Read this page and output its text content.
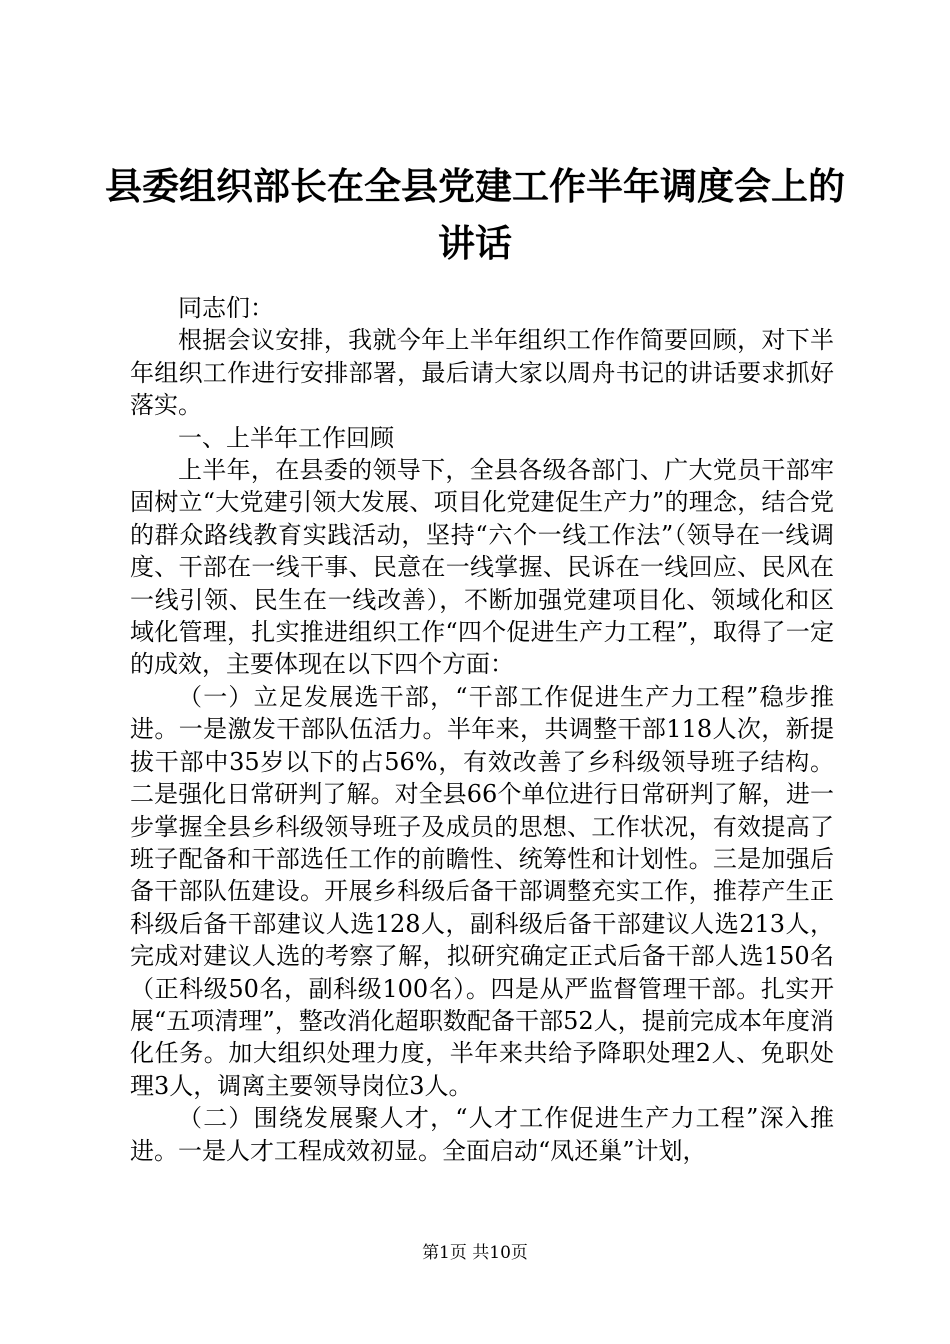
县委组织部长在全县党建工作半年调度会上的讲话

同志们：

根据会议安排，我就今年上半年组织工作作简要回顾，对下半年组织工作进行安排部署，最后请大家以周舟书记的讲话要求抓好落实。

一、上半年工作回顾

上半年，在县委的领导下，全县各级各部门、广大党员干部牢固树立“大党建引领大发展、项目化党建促生产力”的理念，结合党的群众路线教育实践活动，坚持“六个一线工作法”（领导在一线调度、干部在一线干事、民意在一线掌握、民诉在一线回应、民风在一线引领、民生在一线改善），不断加强党建项目化、领域化和区域化管理，扎实推进组织工作“四个促进生产力工程”，取得了一定的成效，主要体现在以下四个方面：

（一）立足发展选干部，“干部工作促进生产力工程”稳步推进。一是激发干部队伍活力。半年来，共调整干部118人次，新提拔干部中35岁以下的占56%，有效改善了乡科级领导班子结构。二是强化日常研判了解。对全县66个单位进行日常研判了解，进一步掌握全县乡科级领导班子及成员的思想、工作状况，有效提高了班子配备和干部选任工作的前瞻性、统筹性和计划性。三是加强后备干部队伍建设。开展乡科级后备干部调整充实工作，推荐产生正科级后备干部建议人选128人，副科级后备干部建议人选213人，完成对建议人选的考察了解，拟研究确定正式后备干部人选150名（正科级50名，副科级100名）。四是从严监督管理干部。扎实开展“五项清理”，整改消化超职数配备干部52人，提前完成本年度消化任务。加大组织处理力度，半年来共给予降职处理2人、免职处理3人，调离主要领导岗位3人。

（二）围绕发展聚人才，“人才工作促进生产力工程”深入推进。一是人才工程成效初显。全面启动“凤还巢”计划，

第1页 共10页
